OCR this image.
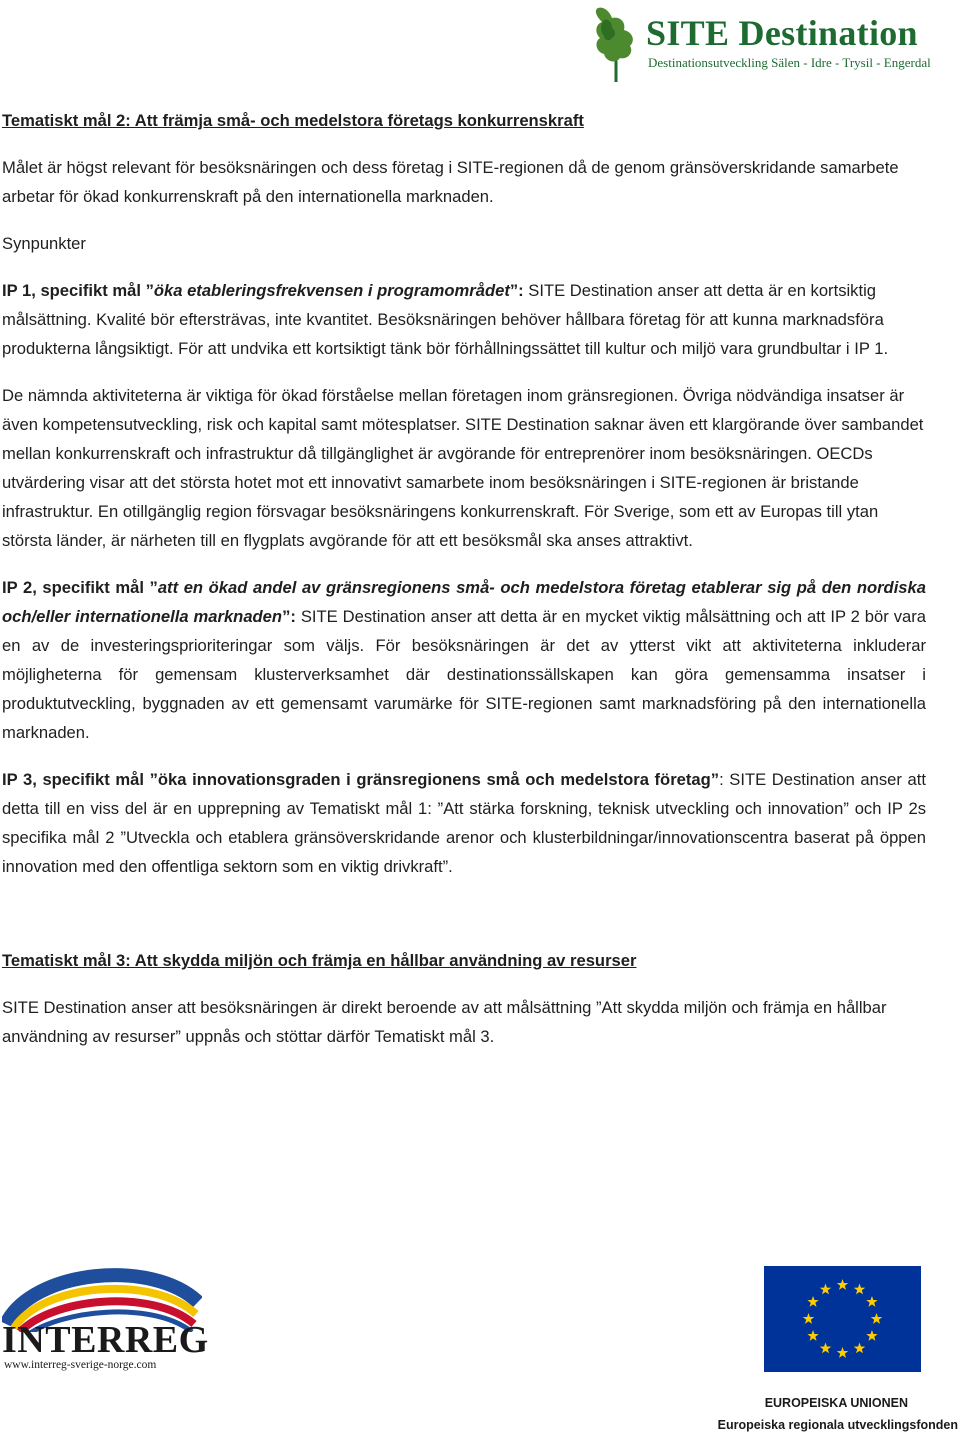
SITE Destination
Destinationsutveckling Sälen - Idre - Trysil - Engerdal

Tematiskt mål 2: Att främja små- och medelstora företags konkurrenskraft

Målet är högst relevant för besöksnäringen och dess företag i SITE-regionen då de genom gränsöverskridande samarbete arbetar för ökad konkurrenskraft på den internationella marknaden.

Synpunkter

IP 1, specifikt mål ”öka etableringsfrekvensen i programområdet”: SITE Destination anser att detta är en kortsiktig målsättning. Kvalité bör eftersträvas, inte kvantitet. Besöksnäringen behöver hållbara företag för att kunna marknadsföra produkterna långsiktigt. För att undvika ett kortsiktigt tänk bör förhållningssättet till kultur och miljö vara grundbultar i IP 1.

De nämnda aktiviteterna är viktiga för ökad förståelse mellan företagen inom gränsregionen. Övriga nödvändiga insatser är även kompetensutveckling, risk och kapital samt mötesplatser. SITE Destination saknar även ett klargörande över sambandet mellan konkurrenskraft och infrastruktur då tillgänglighet är avgörande för entreprenörer inom besöksnäringen. OECDs utvärdering visar att det största hotet mot ett innovativt samarbete inom besöksnäringen i SITE-regionen är bristande infrastruktur. En otillgänglig region försvagar besöksnäringens konkurrenskraft. För Sverige, som ett av Europas till ytan största länder, är närheten till en flygplats avgörande för att ett besöksmål ska anses attraktivt.

IP 2, specifikt mål ”att en ökad andel av gränsregionens små- och medelstora företag etablerar sig på den nordiska och/eller internationella marknaden”: SITE Destination anser att detta är en mycket viktig målsättning och att IP 2 bör vara en av de investeringsprioriteringar som väljs. För besöksnäringen är det av ytterst vikt att aktiviteterna inkluderar möjligheterna för gemensam klusterverksamhet där destinationssällskapen kan göra gemensamma insatser i produktutveckling, byggnaden av ett gemensamt varumärke för SITE-regionen samt marknadsföring på den internationella marknaden.

IP 3, specifikt mål ”öka innovationsgraden i gränsregionens små och medelstora företag”: SITE Destination anser att detta till en viss del är en upprepning av Tematiskt mål 1: ”Att stärka forskning, teknisk utveckling och innovation” och IP 2s specifika mål 2 ”Utveckla och etablera gränsöverskridande arenor och klusterbildningar/innovationscentra baserat på öppen innovation med den offentliga sektorn som en viktig drivkraft”.

Tematiskt mål 3: Att skydda miljön och främja en hållbar användning av resurser

SITE Destination anser att besöksnäringen är direkt beroende av att målsättning ”Att skydda miljön och främja en hållbar användning av resurser” uppnås och stöttar därför Tematiskt mål 3.

INTERREG
www.interreg-sverige-norge.com
EUROPEISKA UNIONEN
Europeiska regionala utvecklingsfonden
